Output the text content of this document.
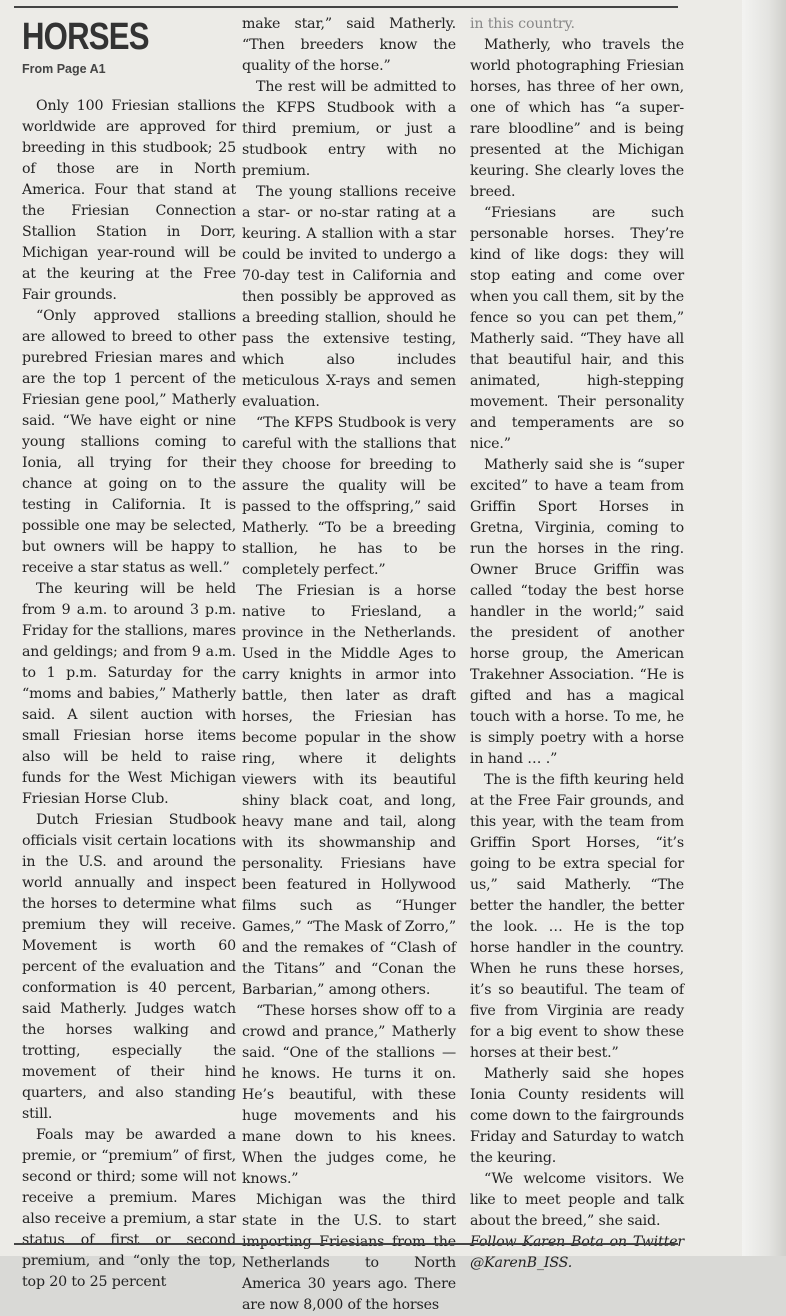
HORSES
From Page A1

Only 100 Friesian stallions worldwide are approved for breeding in this studbook; 25 of those are in North America. Four that stand at the Friesian Connection Stallion Station in Dorr, Michigan year-round will be at the keuring at the Free Fair grounds.

“Only approved stallions are allowed to breed to other purebred Friesian mares and are the top 1 percent of the Friesian gene pool,” Matherly said. “We have eight or nine young stallions coming to Ionia, all trying for their chance at going on to the testing in California. It is possible one may be selected, but owners will be happy to receive a star status as well.”

The keuring will be held from 9 a.m. to around 3 p.m. Friday for the stallions, mares and geldings; and from 9 a.m. to 1 p.m. Saturday for the “moms and babies,” Matherly said. A silent auction with small Friesian horse items also will be held to raise funds for the West Michigan Friesian Horse Club.

Dutch Friesian Studbook officials visit certain locations in the U.S. and around the world annually and inspect the horses to determine what premium they will receive. Movement is worth 60 percent of the evaluation and conformation is 40 percent, said Matherly. Judges watch the horses walking and trotting, especially the movement of their hind quarters, and also standing still.

Foals may be awarded a premie, or “premium” of first, second or third; some will not receive a premium. Mares also receive a premium, a star status of first or second premium, and “only the top, top 20 to 25 percent

make star,” said Matherly. “Then breeders know the quality of the horse.”

The rest will be admitted to the KFPS Studbook with a third premium, or just a studbook entry with no premium.

The young stallions receive a star- or no-star rating at a keuring. A stallion with a star could be invited to undergo a 70-day test in California and then possibly be approved as a breeding stallion, should he pass the extensive testing, which also includes meticulous X-rays and semen evaluation.

“The KFPS Studbook is very careful with the stallions that they choose for breeding to assure the quality will be passed to the offspring,” said Matherly. “To be a breeding stallion, he has to be completely perfect.”

The Friesian is a horse native to Friesland, a province in the Netherlands. Used in the Middle Ages to carry knights in armor into battle, then later as draft horses, the Friesian has become popular in the show ring, where it delights viewers with its beautiful shiny black coat, and long, heavy mane and tail, along with its showmanship and personality. Friesians have been featured in Hollywood films such as “Hunger Games,” “The Mask of Zorro,” and the remakes of “Clash of the Titans” and “Conan the Barbarian,” among others.

“These horses show off to a crowd and prance,” Matherly said. “One of the stallions — he knows. He turns it on. He’s beautiful, with these huge movements and his mane down to his knees. When the judges come, he knows.”

Michigan was the third state in the U.S. to start importing Friesians from the Netherlands to North America 30 years ago. There are now 8,000 of the horses

in this country.

Matherly, who travels the world photographing Friesian horses, has three of her own, one of which has “a super-rare bloodline” and is being presented at the Michigan keuring. She clearly loves the breed.

“Friesians are such personable horses. They’re kind of like dogs: they will stop eating and come over when you call them, sit by the fence so you can pet them,” Matherly said. “They have all that beautiful hair, and this animated, high-stepping movement. Their personality and temperaments are so nice.”

Matherly said she is “super excited” to have a team from Griffin Sport Horses in Gretna, Virginia, coming to run the horses in the ring. Owner Bruce Griffin was called “today the best horse handler in the world;” said the president of another horse group, the American Trakehner Association. “He is gifted and has a magical touch with a horse. To me, he is simply poetry with a horse in hand … .”

The is the fifth keuring held at the Free Fair grounds, and this year, with the team from Griffin Sport Horses, “it’s going to be extra special for us,” said Matherly. “The better the handler, the better the look. … He is the top horse handler in the country. When he runs these horses, it’s so beautiful. The team of five from Virginia are ready for a big event to show these horses at their best.”

Matherly said she hopes Ionia County residents will come down to the fairgrounds Friday and Saturday to watch the keuring.

“We welcome visitors. We like to meet people and talk about the breed,” she said.

Follow Karen Bota on Twitter @KarenB_ISS.
